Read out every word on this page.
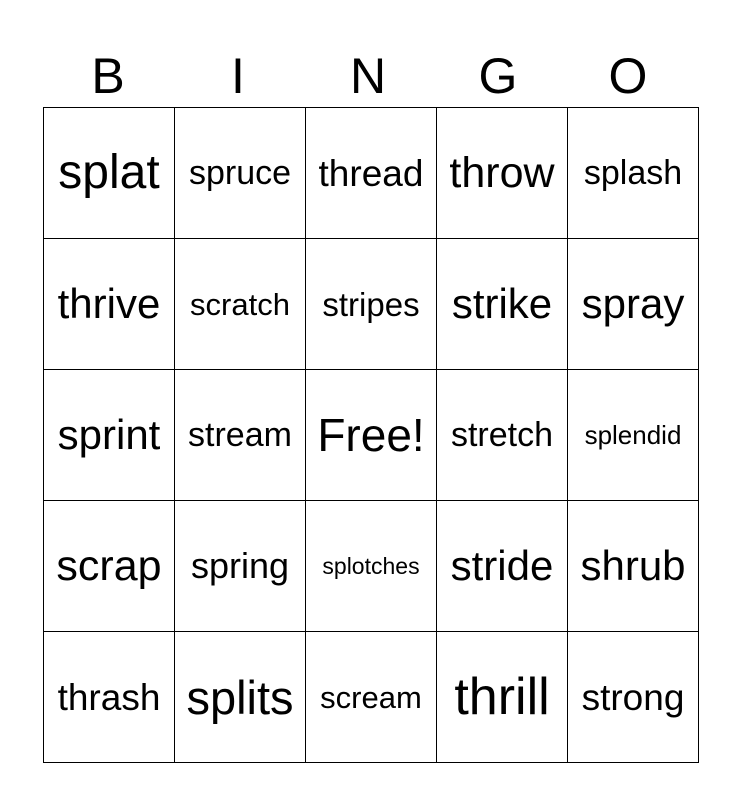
B	I	N	G	O
splat	spruce	thread	throw	splash
thrive	scratch	stripes	strike	spray
sprint	stream	Free!	stretch	splendid
scrap	spring	splotches	stride	shrub
thrash	splits	scream	thrill	strong
